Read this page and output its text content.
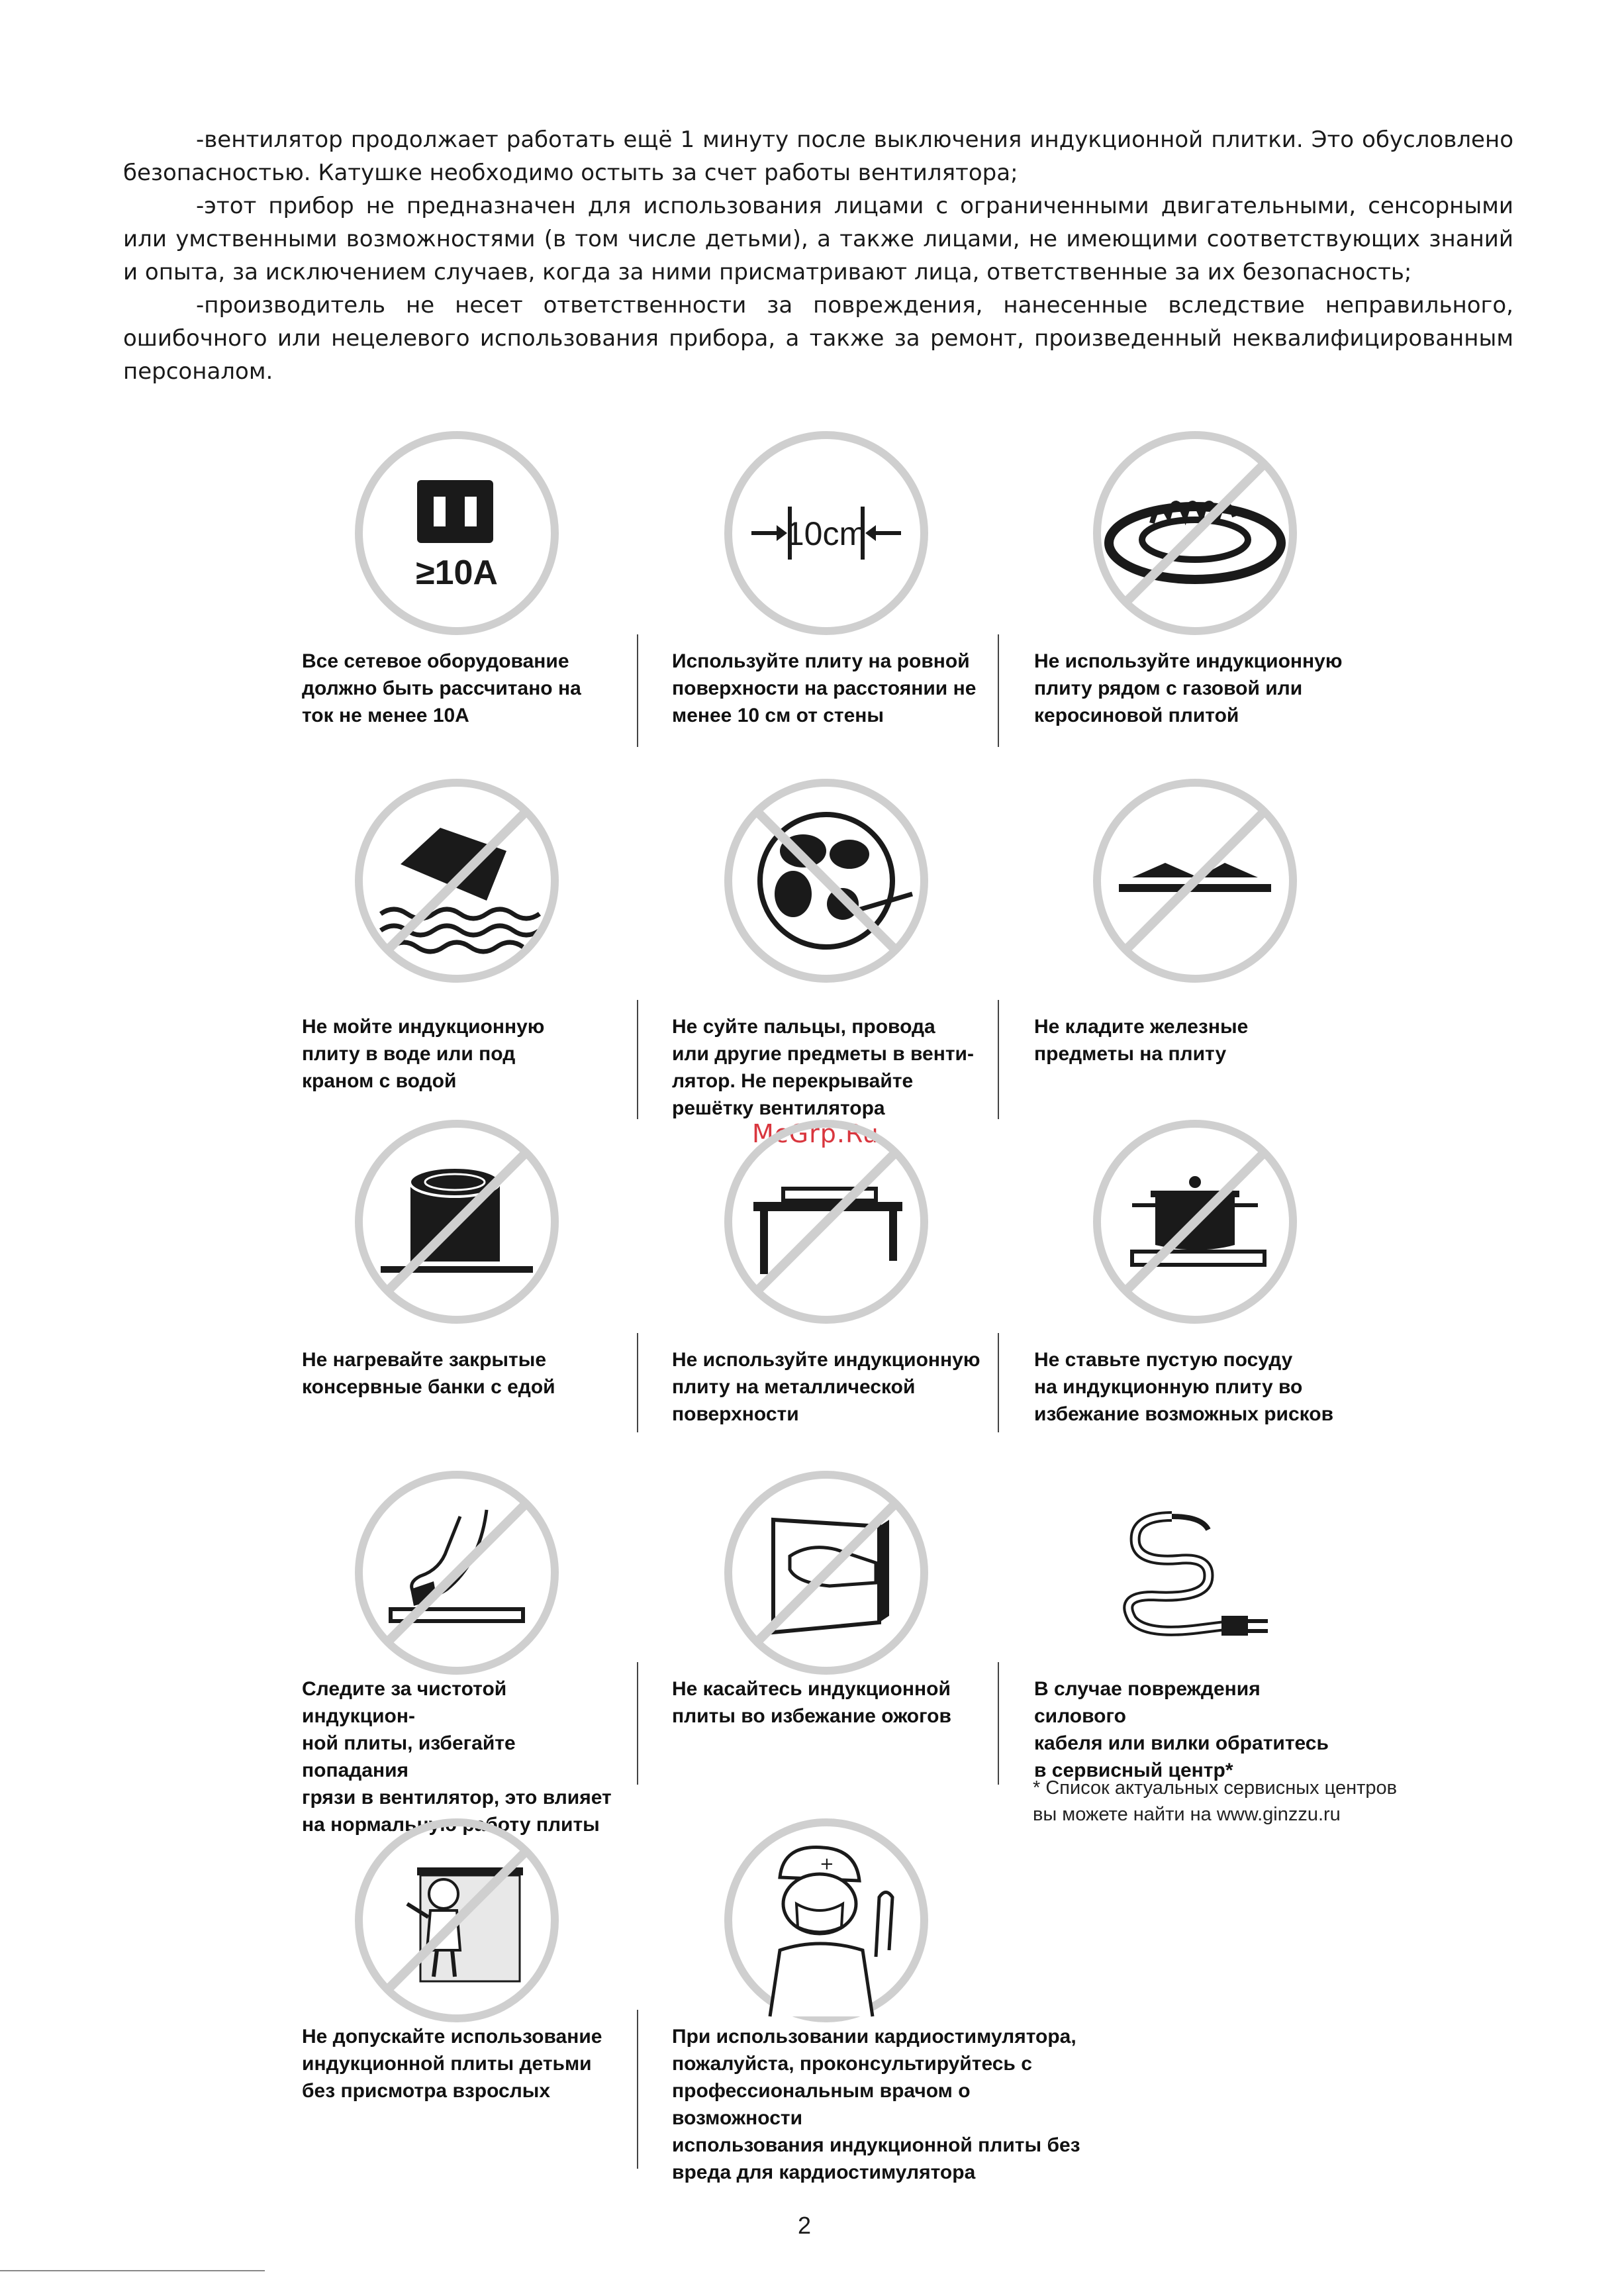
-вентилятор продолжает работать ещё 1 минуту после выключения индукционной плитки. Это обусловлено безопасностью. Катушке необходимо остыть за счет работы вентилятора;

-этот прибор не предназначен для использования лицами с ограниченными двигательными, сенсорными или умственными возможностями (в том числе детьми), а также лицами, не имеющими соответствующих знаний и опыта, за исключением случаев, когда за ними присматривают лица, ответственные за их безопасность;

-производитель не несет ответственности за повреждения, нанесенные вследствие неправильного, ошибочного или нецелевого использования прибора, а также за ремонт, произведенный неквалифицированным персоналом.

≥10A
10cm
Все сетевое оборудование
должно быть рассчитано на
ток не менее 10А
Используйте плиту на ровной
поверхности на расстоянии не
менее 10 см от стены
Не используйте индукционную
плиту рядом с газовой или
керосиновой плитой
Не мойте индукционную
плиту в воде или под
краном с водой
Не суйте пальцы, провода
или другие предметы в венти-
лятор. Не перекрывайте
решётку вентилятора
Не кладите железные
предметы на плиту
McGrp.Ru
Не нагревайте закрытые
консервные банки с едой
Не используйте индукционную
плиту на металлической
поверхности
Не ставьте пустую посуду
на индукционную плиту во
избежание возможных рисков
Следите за чистотой индукцион-
ной плиты, избегайте попадания
грязи в вентилятор, это влияет
на нормальную работу плиты
Не касайтесь индукционной
плиты во избежание ожогов
В случае повреждения силового
кабеля или вилки обратитесь
в сервисный центр*
* Список актуальных сервисных центров
вы можете найти на www.ginzzu.ru
+
Не допускайте использование
индукционной плиты детьми
без присмотра взрослых
При использовании кардиостимулятора,
пожалуйста, проконсультируйтесь с
профессиональным врачом о возможности
использования индукционной плиты без
вреда для кардиостимулятора
2
